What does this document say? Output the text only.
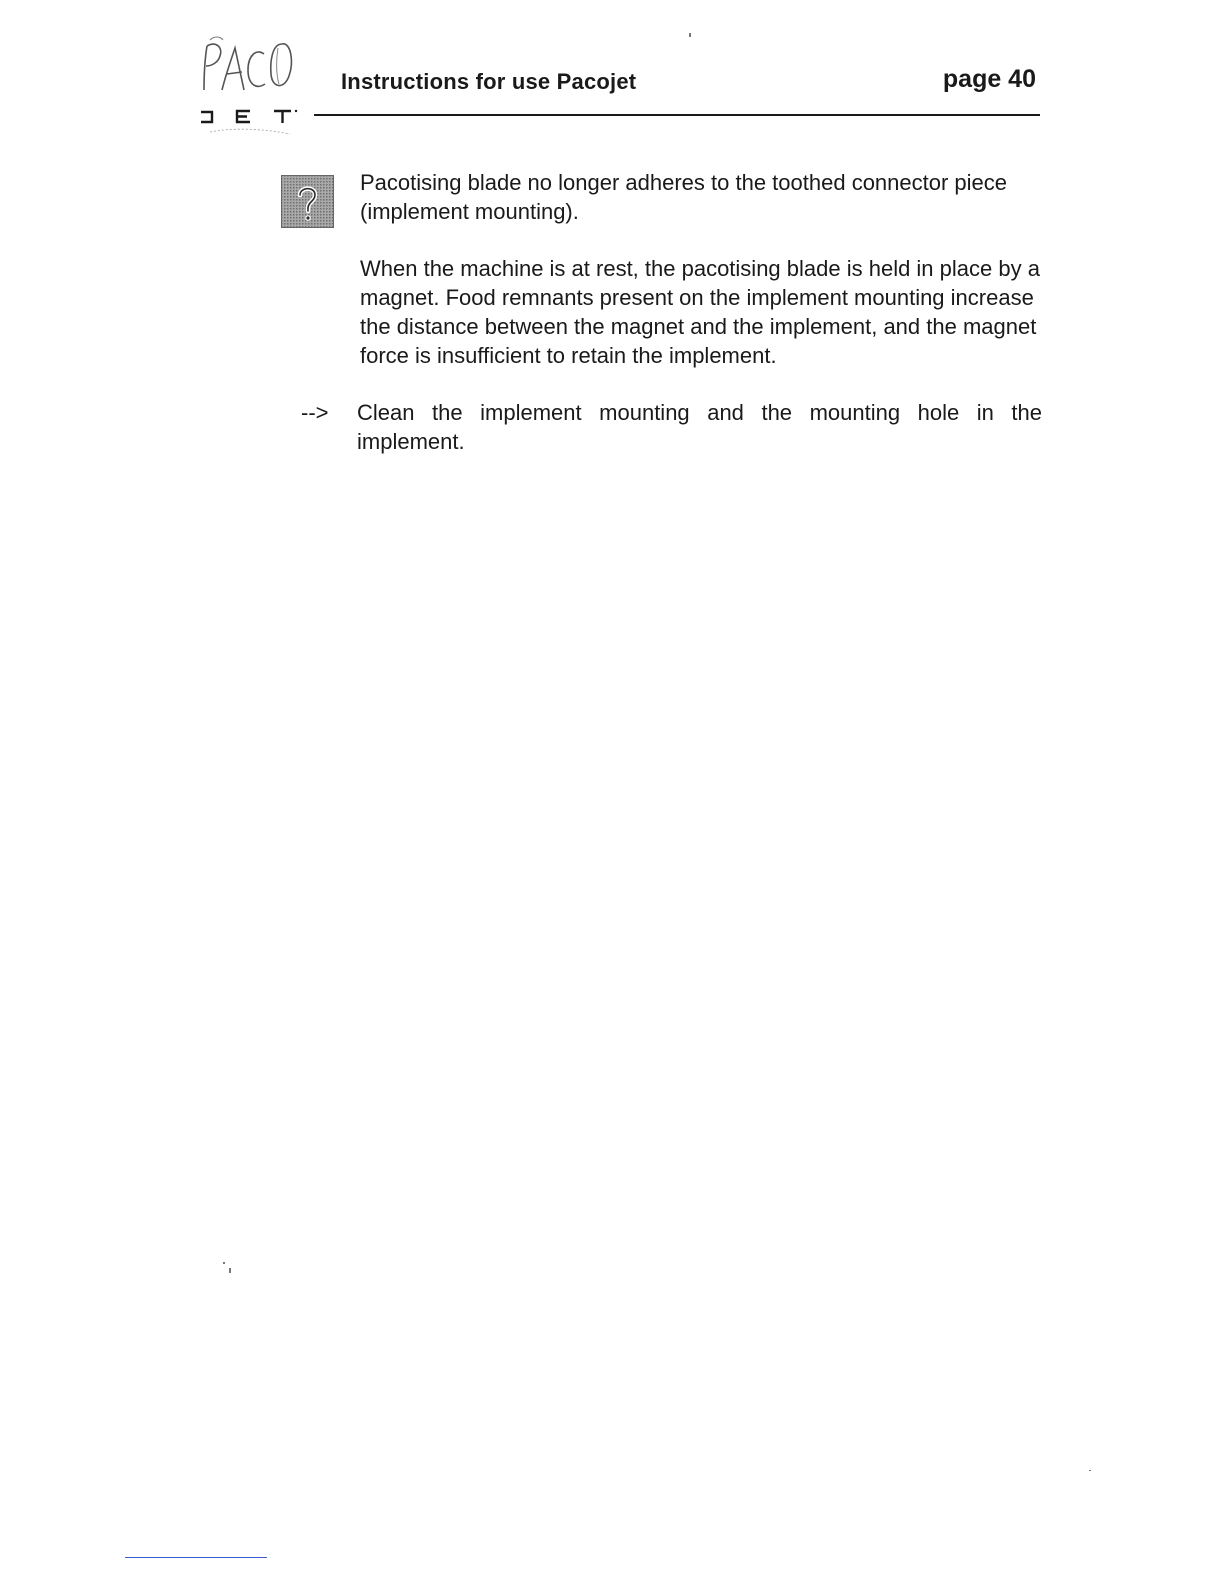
Instructions for use Pacojet	page 40

Pacotising blade no longer adheres to the toothed connector piece (implement mounting).

When the machine is at rest, the pacotising blade is held in place by a magnet. Food remnants present on the implement mounting increase the distance between the magnet and the implement, and the magnet force is insufficient to retain the implement.

--> Clean the implement mounting and the mounting hole in the implement.
